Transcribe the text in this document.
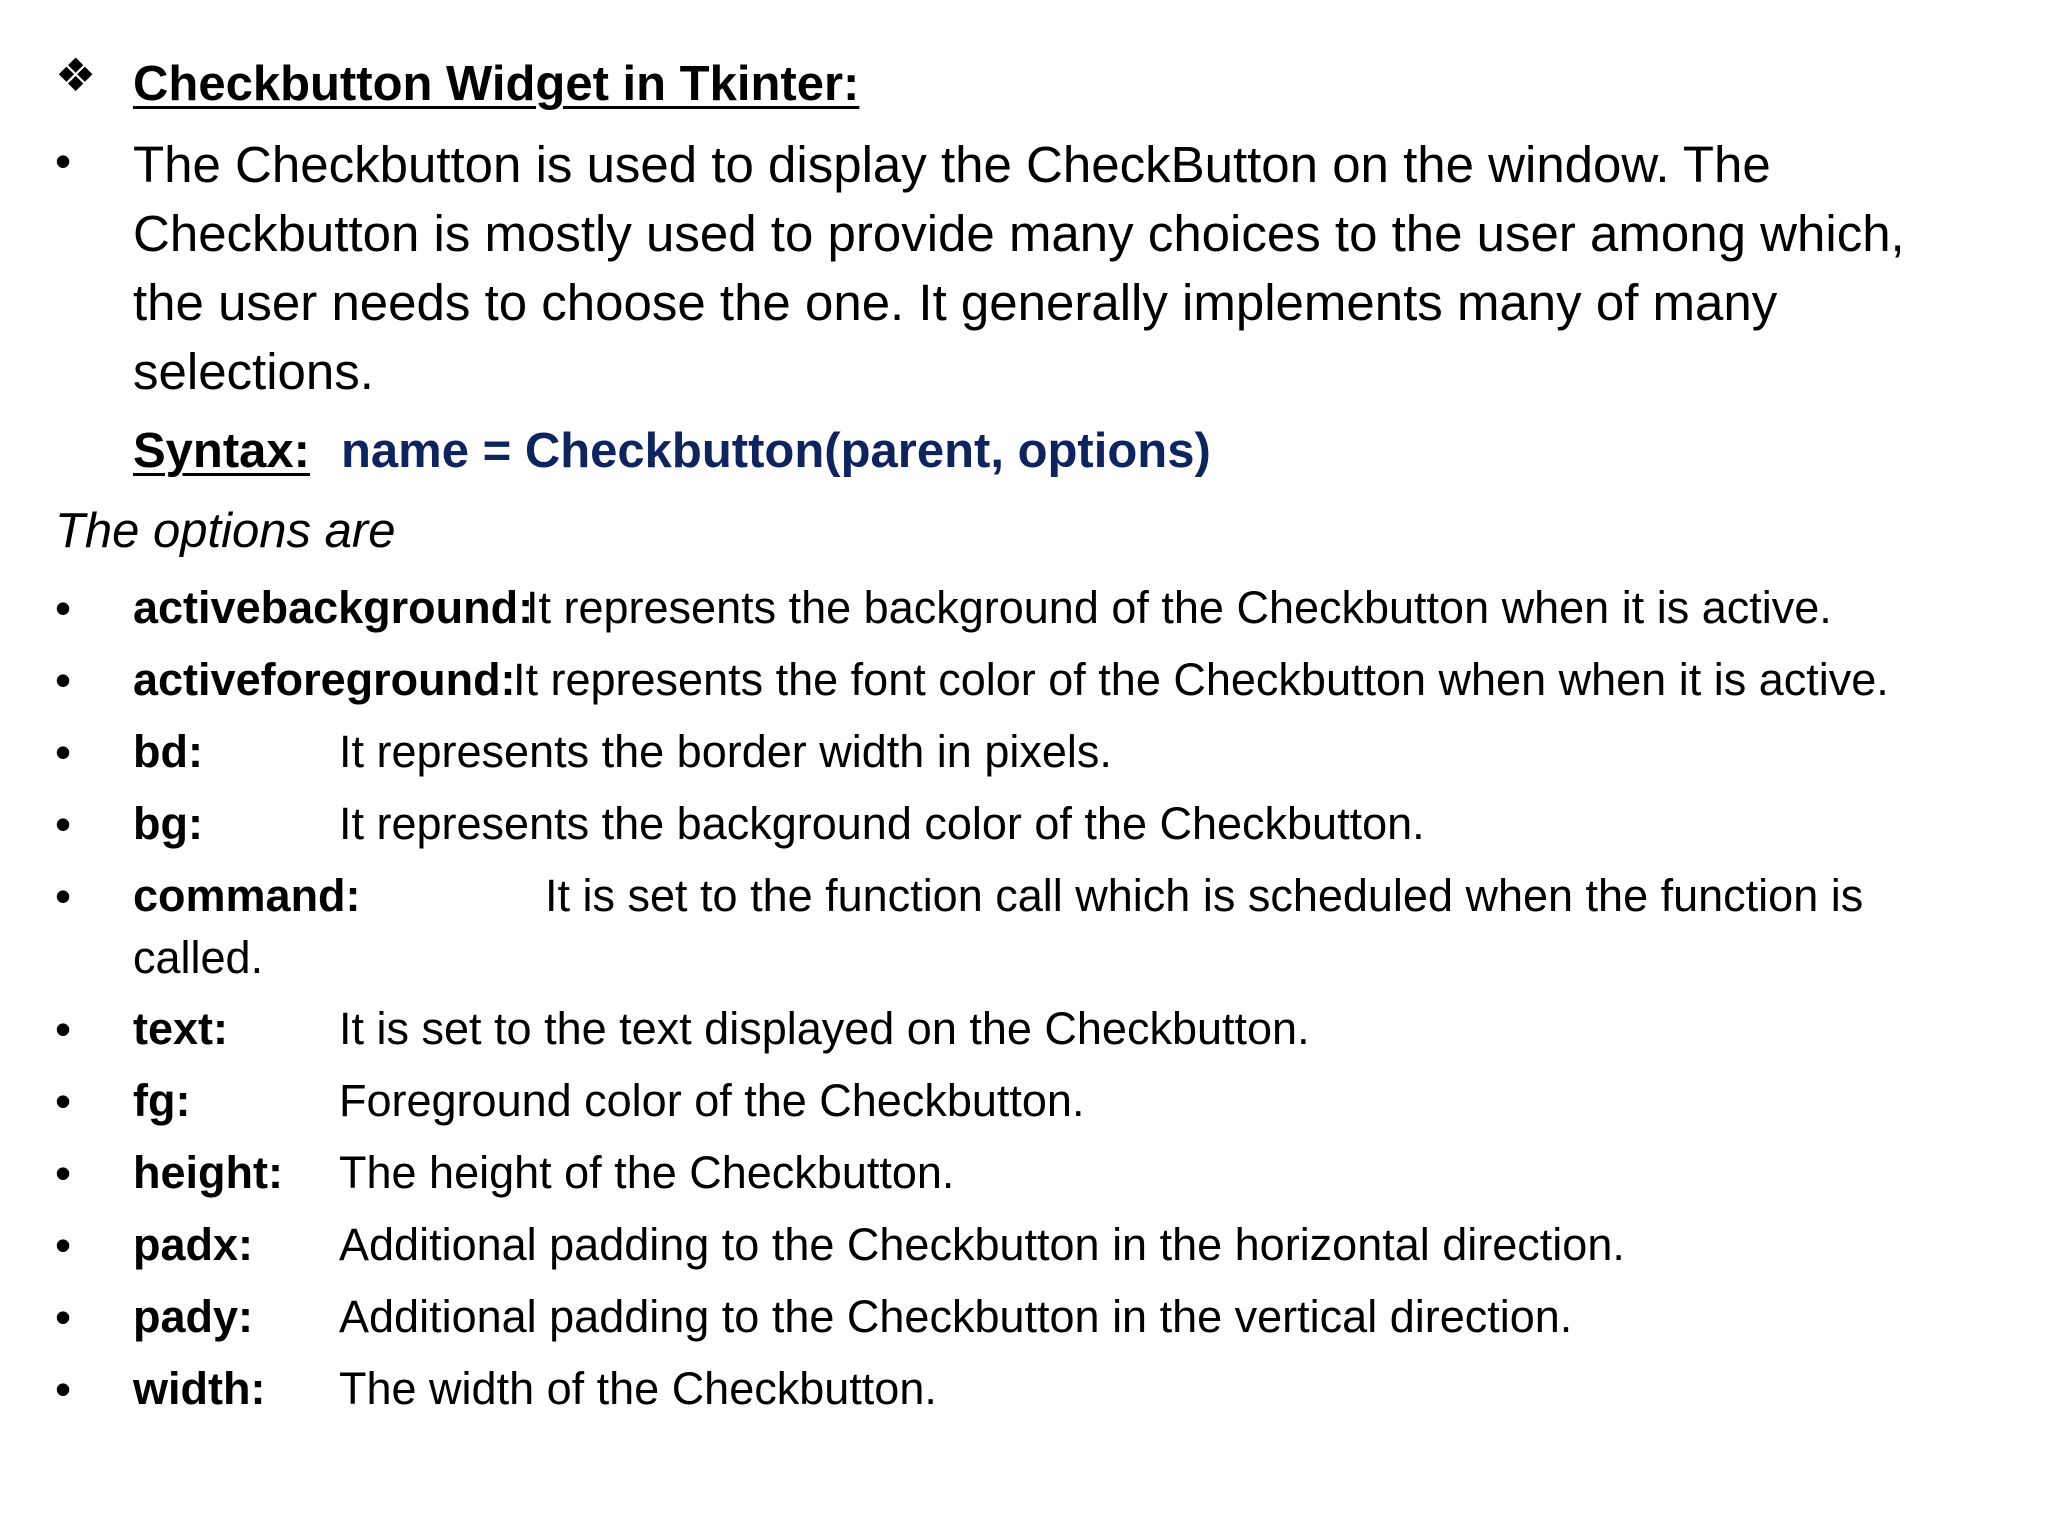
❖ Checkbutton Widget in Tkinter:
•	The Checkbutton is used to display the CheckButton on the window. The
Checkbutton is mostly used to provide many choices to the user among which,
the user needs to choose the one. It generally implements many of many
selections.
Syntax: name = Checkbutton(parent, options)
The options are
•	activebackground:
It represents the background of the Checkbutton when it is active.
•	activeforeground:
It represents the font color of the Checkbutton when when it is active.
•	bd:	It represents the border width in pixels.
•	bg:	It represents the background color of the Checkbutton.
•	command:	It is set to the function call which is scheduled when the function is
called.
•	text: It is set to the text displayed on the Checkbutton.
•	fg:	Foreground color of the Checkbutton.
•	height: The height of the Checkbutton.
•	padx: Additional padding to the Checkbutton in the horizontal direction.
•	pady: Additional padding to the Checkbutton in the vertical direction.
•	width: The width of the Checkbutton.
